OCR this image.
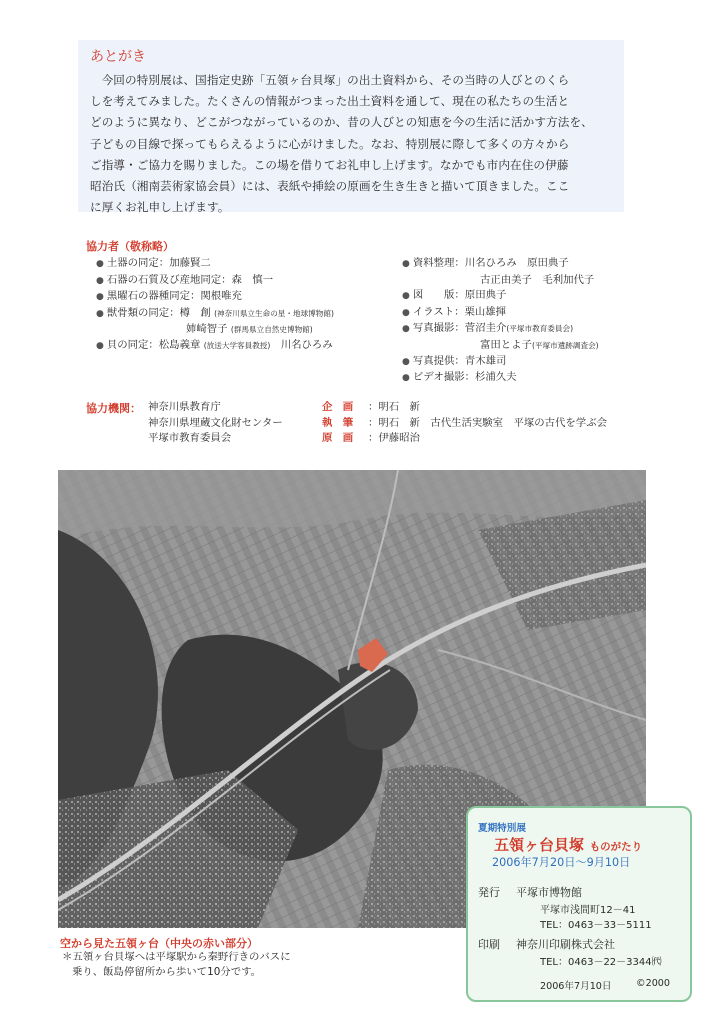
あとがき

今回の特別展は、国指定史跡「五領ヶ台貝塚」の出土資料から、その当時の人びとのくら
しを考えてみました。たくさんの情報がつまった出土資料を通して、現在の私たちの生活と
どのように異なり、どこがつながっているのか、昔の人びとの知恵を今の生活に活かす方法を、
子どもの目線で探ってもらえるように心がけました。なお、特別展に際して多くの方々から
ご指導・ご協力を賜りました。この場を借りてお礼申し上げます。なかでも市内在住の伊藤
昭治氏（湘南芸術家協会員）には、表紙や挿絵の原画を生き生きと描いて頂きました。ここ
に厚くお礼申し上げます。

協力者（敬称略）
● 土器の同定：加藤賢二
● 石器の石質及び産地同定：森　慎一
● 黒曜石の器種同定：関根唯充
● 獣骨類の同定：樽　創 (神奈川県立生命の星・地球博物館)
姉崎智子 (群馬県立自然史博物館)
● 貝の同定：松島義章 (放送大学客員教授)　川名ひろみ
● 資料整理：川名ひろみ　原田典子
古正由美子　毛利加代子
● 図　　版：原田典子
● イラスト：栗山雄揮
● 写真撮影：菅沼圭介(平塚市教育委員会)
富田とよ子(平塚市遺跡調査会)
● 写真提供：青木雄司
● ビデオ撮影：杉浦久夫
協力機関： 神奈川県教育庁
神奈川県埋蔵文化財センター
平塚市教育委員会
企　画 ：明石　新
執　筆 ：明石　新　古代生活実験室　平塚の古代を学ぶ会
原　画 ：伊藤昭治
空から見た五領ヶ台（中央の赤い部分）
＊五領ヶ台貝塚へは平塚駅から秦野行きのバスに
乗り、飯島停留所から歩いて10分です。
夏期特別展
五領ヶ台貝塚 ものがたり
2006年7月20日～9月10日
発行 平塚市博物館
平塚市浅間町12－41
TEL：0463－33－5111
印刷 神奈川印刷株式会社
TEL：0463－22－3344㈹
2006年7月10日	©2000
